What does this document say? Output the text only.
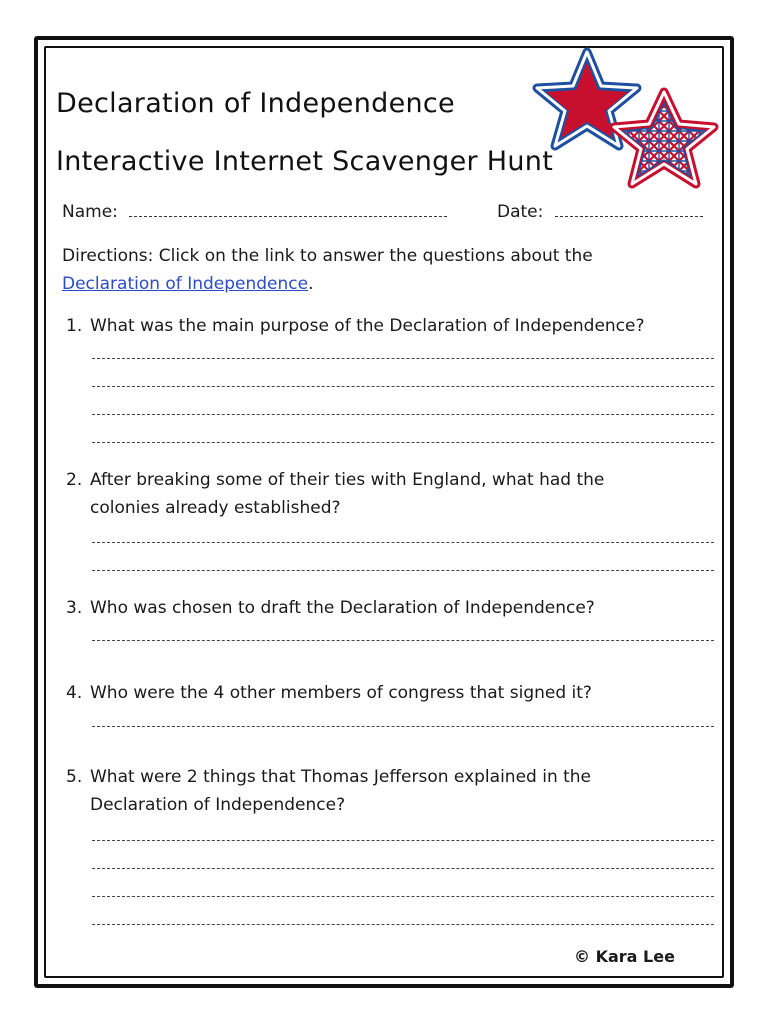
Declaration of Independence
Interactive Internet Scavenger Hunt
Name:	Date:
Directions: Click on the link to answer the questions about the
Declaration of Independence.
1. What was the main purpose of the Declaration of Independence?
2. After breaking some of their ties with England, what had the
colonies already established?
3. Who was chosen to draft the Declaration of Independence?
4. Who were the 4 other members of congress that signed it?
5. What were 2 things that Thomas Jefferson explained in the
Declaration of Independence?
© Kara Lee
